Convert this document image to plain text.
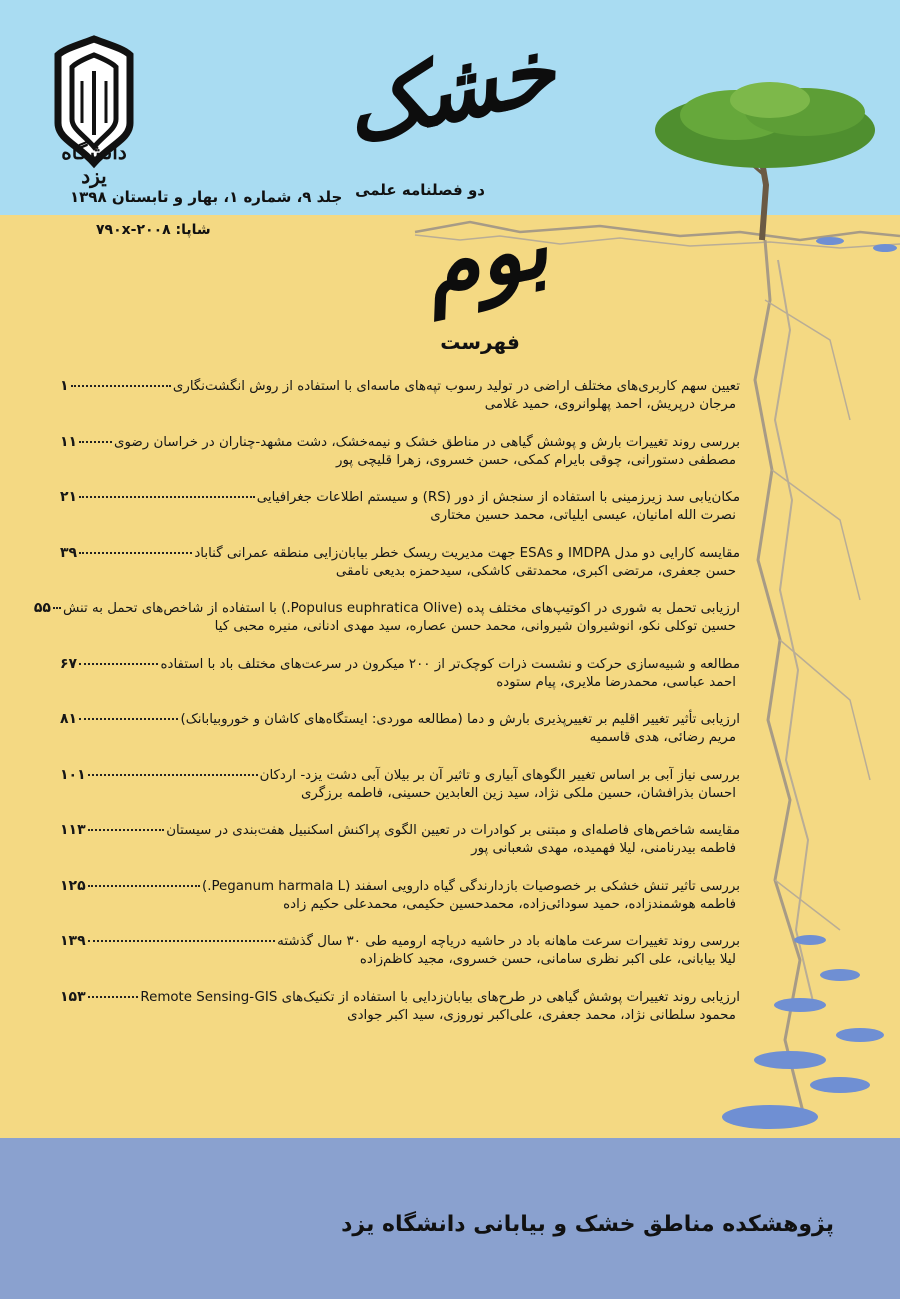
دانشگاه یزد
خشک بوم
دو فصلنامه علمی
جلد ۹، شماره ۱، بهار و تابستان ۱۳۹۸
شاپا: ۷۹۰x-۲۰۰۸
فهرست
تعیین سهم کاربری‌های مختلف اراضی در تولید رسوب تپه‌های ماسه‌ای با استفاده از روش انگشت‌نگاری
۱
مرجان درپریش، احمد پهلوانروی، حمید غلامی
بررسی روند تغییرات بارش و پوشش گیاهی در مناطق خشک و نیمه‌خشک، دشت مشهد-چناران در خراسان رضوی
۱۱
مصطفی دستورانی، چوقی بایرام کمکی، حسن خسروی، زهرا قلیچی پور
مکان‌یابی سد زیرزمینی با استفاده از سنجش از دور (RS) و سیستم اطلاعات جغرافیایی
۲۱
نصرت الله امانیان، عیسی ایلیاتی، محمد حسین مختاری
مقایسه کارایی دو مدل IMDPA و ESAs جهت مدیریت ریسک خطر بیابان‌زایی منطقه عمرانی گناباد
۳۹
حسن جعفری، مرتضی اکبری، محمدتقی کاشکی، سیدحمزه بدیعی نامقی
ارزیابی تحمل به شوری در اکوتیپ‌های مختلف پده (Populus euphratica Olive.) با استفاده از شاخص‌های تحمل به تنش
۵۵
حسین توکلی نکو، انوشیروان شیروانی، محمد حسن عصاره، سید مهدی ادنانی، منیره محبی کیا
مطالعه و شبیه‌سازی حرکت و نشست ذرات کوچک‌تر از ۲۰۰ میکرون در سرعت‌های مختلف باد با استفاده
۶۷
احمد عباسی، محمدرضا ملایری، پیام ستوده
ارزیابی تأثیر تغییر اقلیم بر تغییرپذیری بارش و دما (مطالعه موردی: ایستگاه‌های کاشان و خوروبیابانک)
۸۱
مریم رضائی، هدی قاسمیه
بررسی نیاز آبی بر اساس تغییر الگوهای آبیاری و تاثیر آن بر بیلان آبی دشت یزد- اردکان
۱۰۱
احسان بذرافشان، حسین ملکی نژاد، سید زین العابدین حسینی، فاطمه برزگری
مقایسه شاخص‌های فاصله‌ای و مبتنی بر کوادرات در تعیین الگوی پراکنش اسکنبیل هفت‌بندی در سیستان
۱۱۳
فاطمه بیدرنامنی، لیلا فهمیده، مهدی شعبانی پور
بررسی تاثیر تنش خشکی بر خصوصیات بازدارندگی گیاه دارویی اسفند (Peganum harmala L.)
۱۲۵
فاطمه هوشمندزاده، حمید سودائی‌زاده، محمدحسین حکیمی، محمدعلی حکیم زاده
بررسی روند تغییرات سرعت ماهانه باد در حاشیه دریاچه ارومیه طی ۳۰ سال گذشته
۱۳۹
لیلا بیابانی، علی اکبر نظری سامانی، حسن خسروی، مجید کاظم‌زاده
ارزیابی روند تغییرات پوشش گیاهی در طرح‌های بیابان‌زدایی با استفاده از تکنیک‌های Remote Sensing-GIS
۱۵۳
محمود سلطانی نژاد، محمد جعفری، علی‌اکبر نوروزی، سید اکبر جوادی
پژوهشکده مناطق خشک و بیابانی دانشگاه یزد
